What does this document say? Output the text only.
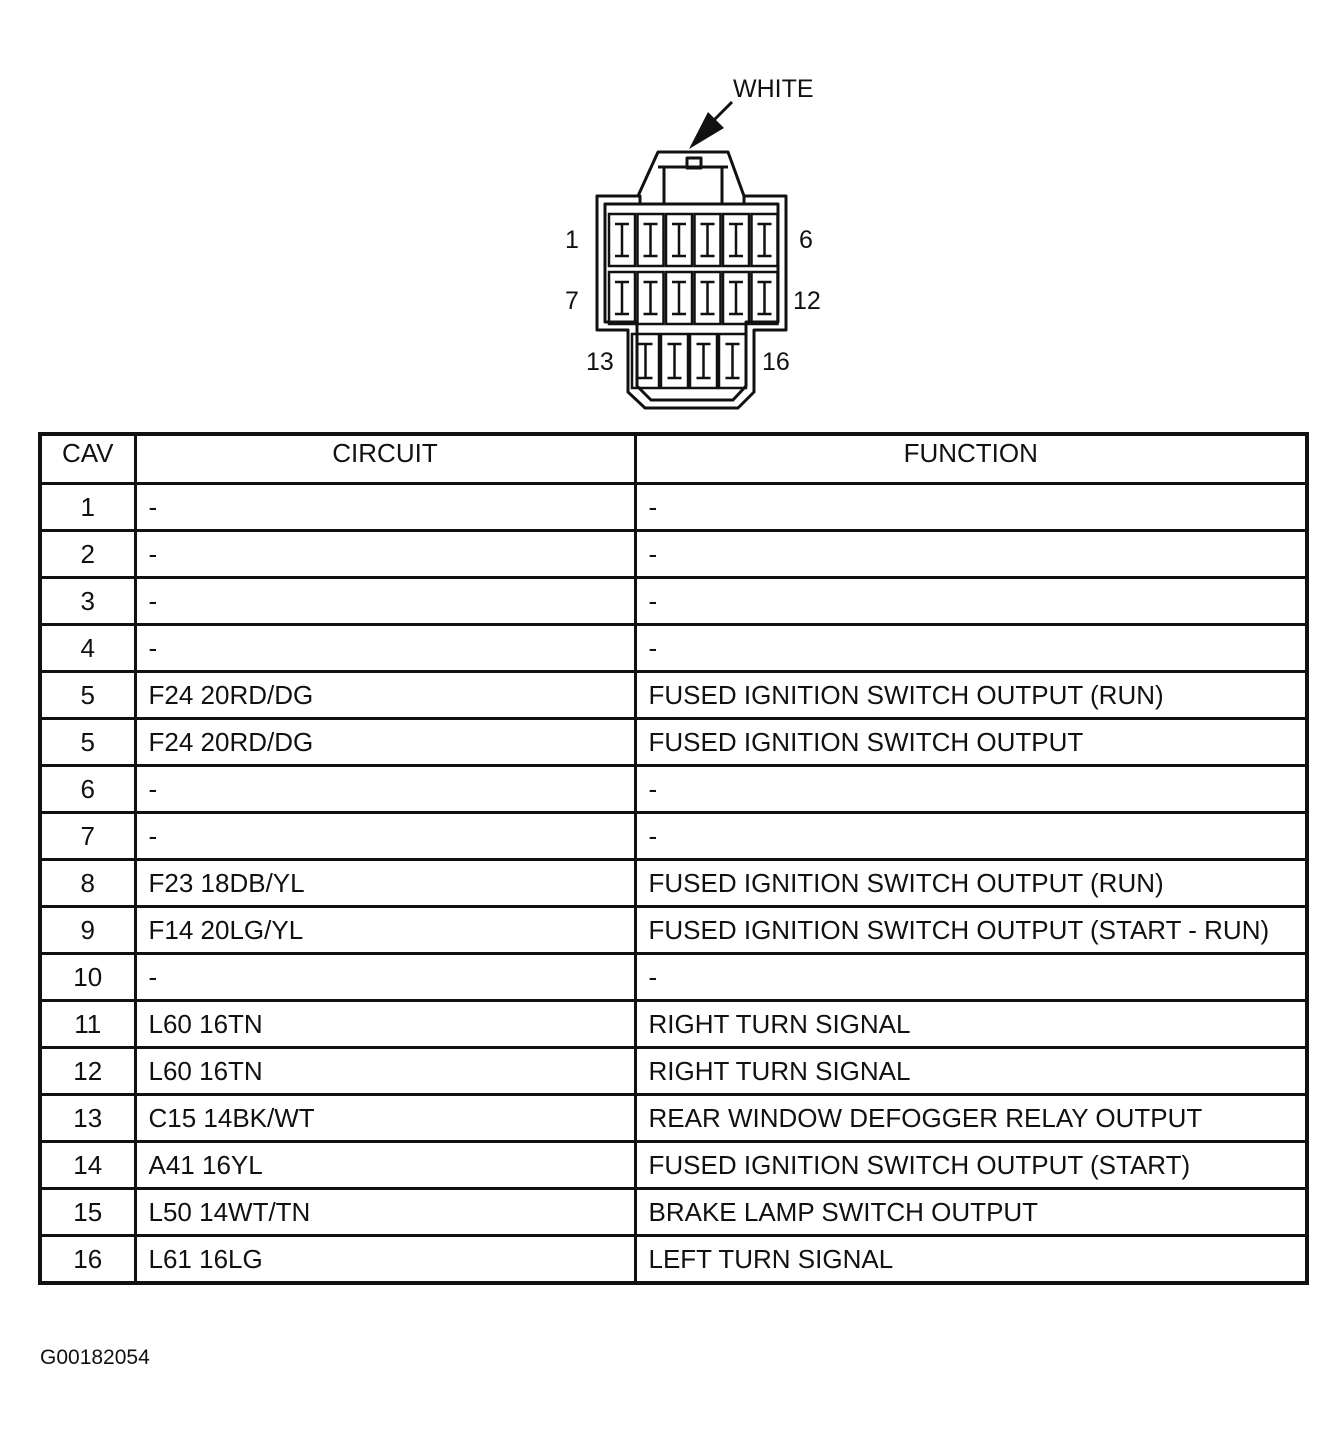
WHITE
1	6
7	12
13	16
CAV	CIRCUIT	FUNCTION
1	-	-
2	-	-
3	-	-
4	-	-
5	F24 20RD/DG	FUSED IGNITION SWITCH OUTPUT (RUN)
5	F24 20RD/DG	FUSED IGNITION SWITCH OUTPUT
6	-	-
7	-	-
8	F23 18DB/YL	FUSED IGNITION SWITCH OUTPUT (RUN)
9	F14 20LG/YL	FUSED IGNITION SWITCH OUTPUT (START - RUN)
10	-	-
11	L60 16TN	RIGHT TURN SIGNAL
12	L60 16TN	RIGHT TURN SIGNAL
13	C15 14BK/WT	REAR WINDOW DEFOGGER RELAY OUTPUT
14	A41 16YL	FUSED IGNITION SWITCH OUTPUT (START)
15	L50 14WT/TN	BRAKE LAMP SWITCH OUTPUT
16	L61 16LG	LEFT TURN SIGNAL
G00182054
